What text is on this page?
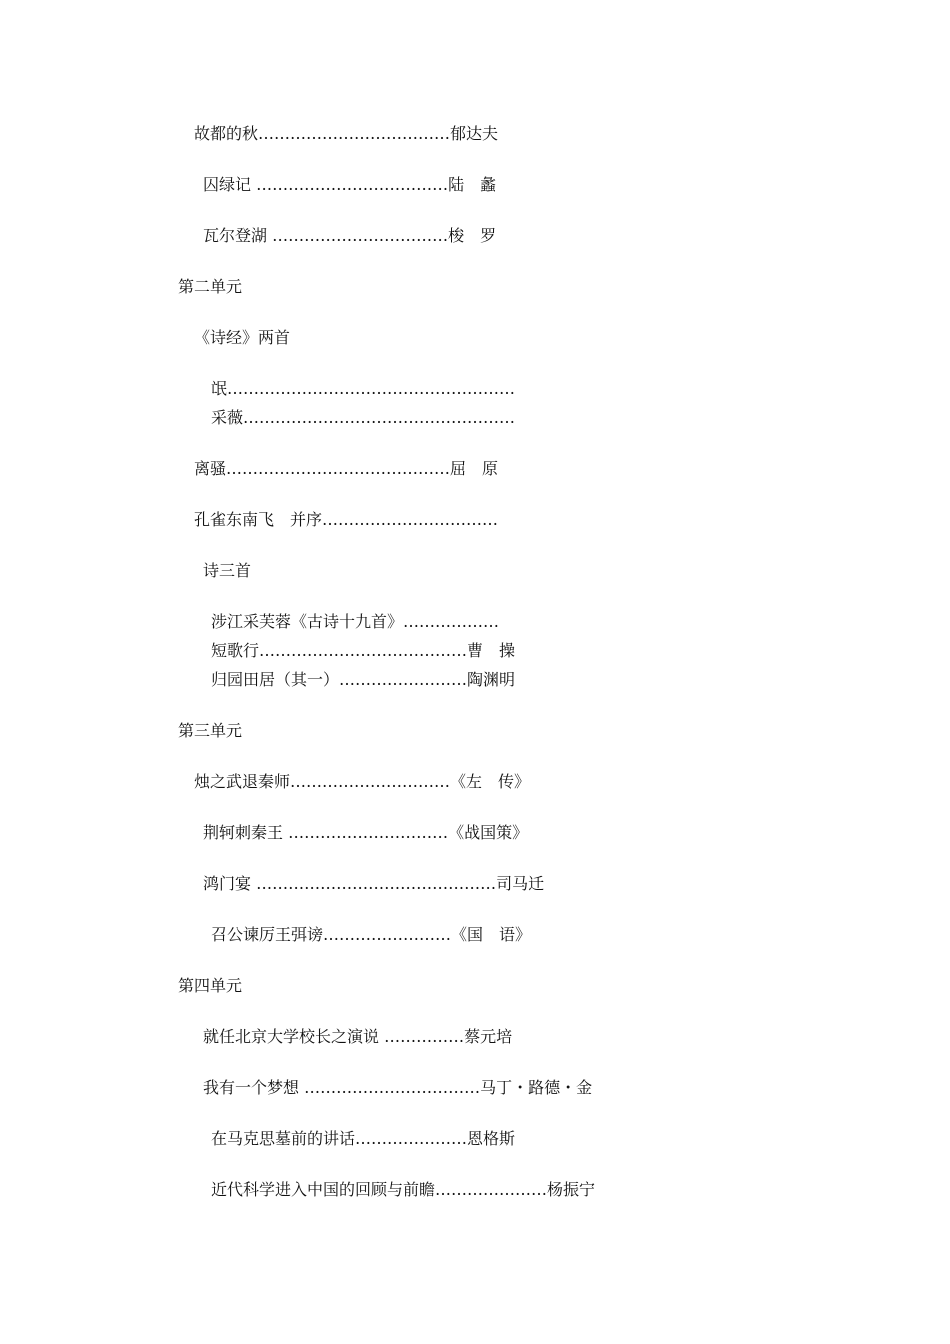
故都的秋………………………………郁达夫
囚绿记 ………………………………陆　蠡
瓦尔登湖 ……………………………梭　罗
第二单元
《诗经》两首
氓………………………………………………
采薇……………………………………………
离骚……………………………………屈　原
孔雀东南飞　并序……………………………
诗三首
涉江采芙蓉《古诗十九首》………………
短歌行…………………………………曹　操
归园田居（其一）……………………陶渊明
第三单元
烛之武退秦师…………………………《左　传》
荆轲刺秦王 …………………………《战国策》
鸿门宴 ………………………………………司马迁
召公谏厉王弭谤……………………《国　语》
第四单元
就任北京大学校长之演说 ……………蔡元培
我有一个梦想 ……………………………马丁・路德・金
在马克思墓前的讲话…………………恩格斯
近代科学进入中国的回顾与前瞻…………………杨振宁
